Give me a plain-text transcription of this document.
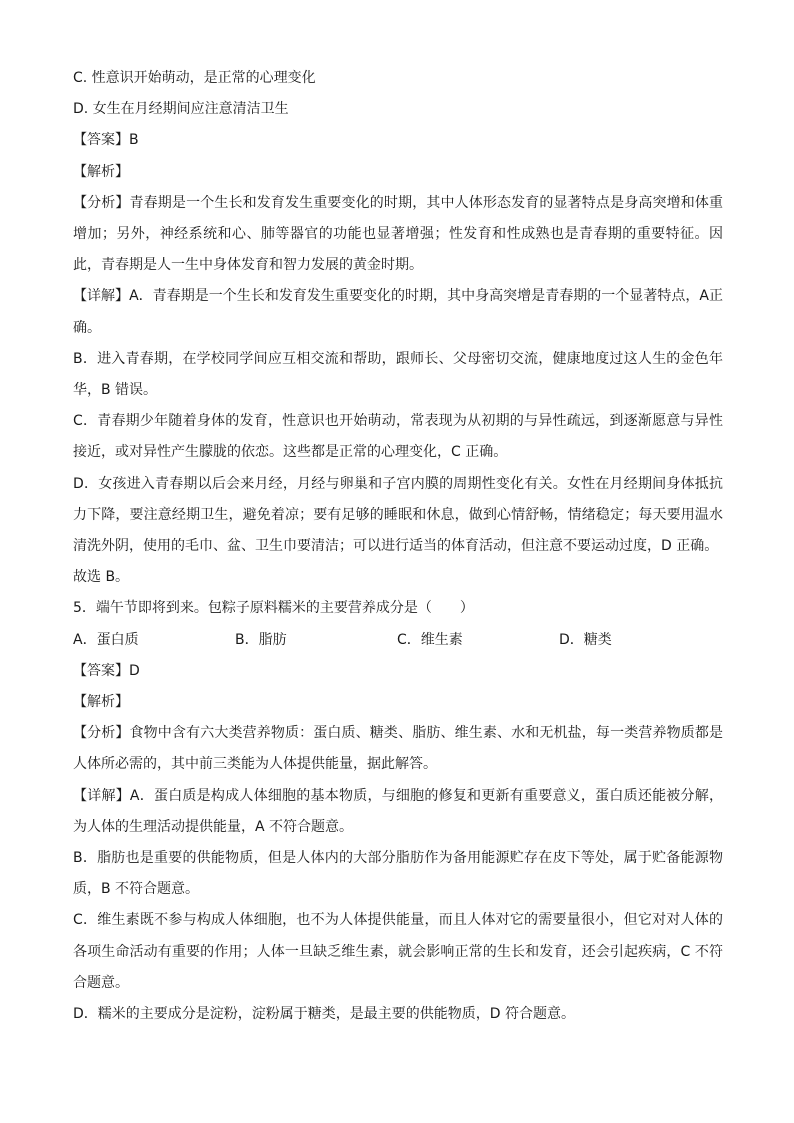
C. 性意识开始萌动，是正常的心理变化
D. 女生在月经期间应注意清洁卫生
【答案】B
【解析】
【分析】青春期是一个生长和发育发生重要变化的时期，其中人体形态发育的显著特点是身高突增和体重增加；另外，神经系统和心、肺等器官的功能也显著增强；性发育和性成熟也是青春期的重要特征。因此，青春期是人一生中身体发育和智力发展的黄金时期。
【详解】A．青春期是一个生长和发育发生重要变化的时期，其中身高突增是青春期的一个显著特点，A正确。
B．进入青春期，在学校同学间应互相交流和帮助，跟师长、父母密切交流，健康地度过这人生的金色年华，B 错误。
C．青春期少年随着身体的发育，性意识也开始萌动，常表现为从初期的与异性疏远，到逐渐愿意与异性接近，或对异性产生朦胧的依恋。这些都是正常的心理变化，C 正确。
D．女孩进入青春期以后会来月经，月经与卵巢和子宫内膜的周期性变化有关。女性在月经期间身体抵抗力下降，要注意经期卫生，避免着凉；要有足够的睡眠和休息，做到心情舒畅，情绪稳定；每天要用温水清洗外阴，使用的毛巾、盆、卫生巾要清洁；可以进行适当的体育活动，但注意不要运动过度，D 正确。
故选 B。
5．端午节即将到来。包粽子原料糯米的主要营养成分是（　　）
A．蛋白质	B．脂肪	C．维生素	D．糖类
【答案】D
【解析】
【分析】食物中含有六大类营养物质：蛋白质、糖类、脂肪、维生素、水和无机盐，每一类营养物质都是人体所必需的，其中前三类能为人体提供能量，据此解答。
【详解】A．蛋白质是构成人体细胞的基本物质，与细胞的修复和更新有重要意义，蛋白质还能被分解，为人体的生理活动提供能量，A 不符合题意。
B．脂肪也是重要的供能物质，但是人体内的大部分脂肪作为备用能源贮存在皮下等处，属于贮备能源物质，B 不符合题意。
C．维生素既不参与构成人体细胞，也不为人体提供能量，而且人体对它的需要量很小，但它对对人体的各项生命活动有重要的作用；人体一旦缺乏维生素，就会影响正常的生长和发育，还会引起疾病，C 不符合题意。
D．糯米的主要成分是淀粉，淀粉属于糖类，是最主要的供能物质，D 符合题意。
